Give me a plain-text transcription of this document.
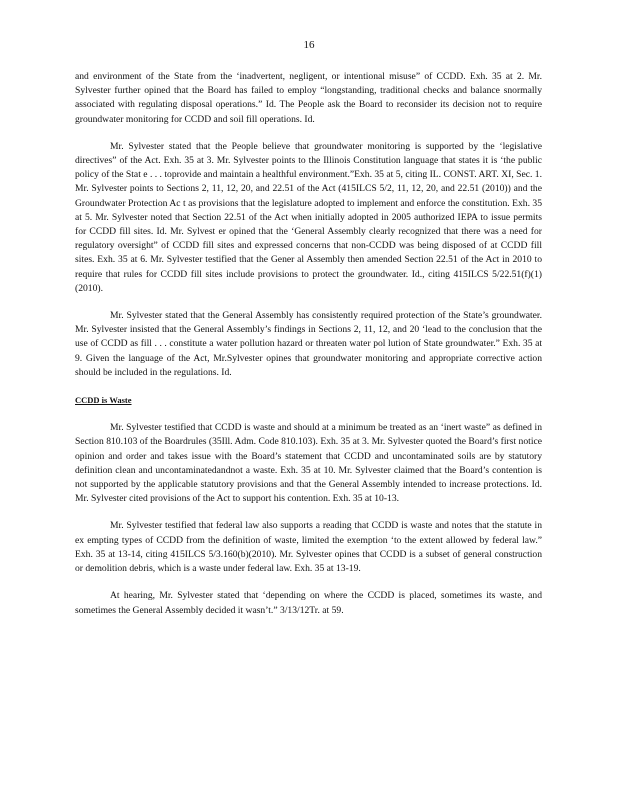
16

and environment of the State from the ‘inadvertent, negligent, or intentional misuse” of CCDD. Exh. 35 at 2. Mr. Sylvester further opined that the Board has failed to employ “longstanding, traditional checks and balance snormally associated with regulating disposal operations.” Id. The People ask the Board to reconsider its decision not to require groundwater monitoring for CCDD and soil fill operations. Id.

Mr. Sylvester stated that the People believe that groundwater monitoring is supported by the ‘legislative directives” of the Act. Exh. 35 at 3. Mr. Sylvester points to the Illinois Constitution language that states it is ‘the public policy of the Stat e . . . toprovide and maintain a healthful environment.”Exh. 35 at 5, citing IL. CONST. ART. XI, Sec. 1. Mr. Sylvester points to Sections 2, 11, 12, 20, and 22.51 of the Act (415ILCS 5/2, 11, 12, 20, and 22.51 (2010)) and the Groundwater Protection Ac t as provisions that the legislature adopted to implement and enforce the constitution. Exh. 35 at 5. Mr. Sylvester noted that Section 22.51 of the Act when initially adopted in 2005 authorized IEPA to issue permits for CCDD fill sites. Id. Mr. Sylvest er opined that the ‘General Assembly clearly recognized that there was a need for regulatory oversight” of CCDD fill sites and expressed concerns that non-CCDD was being disposed of at CCDD fill sites. Exh. 35 at 6. Mr. Sylvester testified that the Gener al Assembly then amended Section 22.51 of the Act in 2010 to require that rules for CCDD fill sites include provisions to protect the groundwater. Id., citing 415ILCS 5/22.51(f)(1) (2010).

Mr. Sylvester stated that the General Assembly has consistently required protection of the State’s groundwater. Mr. Sylvester insisted that the General Assembly’s findings in Sections 2, 11, 12, and 20 ‘lead to the conclusion that the use of CCDD as fill . . . constitute a water pollution hazard or threaten water pol lution of State groundwater.” Exh. 35 at 9. Given the language of the Act, Mr.Sylvester opines that groundwater monitoring and appropriate corrective action should be included in the regulations. Id.

CCDD is Waste

Mr. Sylvester testified that CCDD is waste and should at a minimum be treated as an ‘inert waste” as defined in Section 810.103 of the Boardrules (35Ill. Adm. Code 810.103). Exh. 35 at 3. Mr. Sylvester quoted the Board’s first notice opinion and order and takes issue with the Board’s statement that CCDD and uncontaminated soils are by statutory definition clean and uncontaminatedandnot a waste. Exh. 35 at 10. Mr. Sylvester claimed that the Board’s contention is not supported by the applicable statutory provisions and that the General Assembly intended to increase protections. Id. Mr. Sylvester cited provisions of the Act to support his contention. Exh. 35 at 10-13.

Mr. Sylvester testified that federal law also supports a reading that CCDD is waste and notes that the statute in ex empting types of CCDD from the definition of waste, limited the exemption ‘to the extent allowed by federal law.” Exh. 35 at 13-14, citing 415ILCS 5/3.160(b)(2010). Mr. Sylvester opines that CCDD is a subset of general construction or demolition debris, which is a waste under federal law. Exh. 35 at 13-19.

At hearing, Mr. Sylvester stated that ‘depending on where the CCDD is placed, sometimes its waste, and sometimes the General Assembly decided it wasn’t.” 3/13/12Tr. at 59.
